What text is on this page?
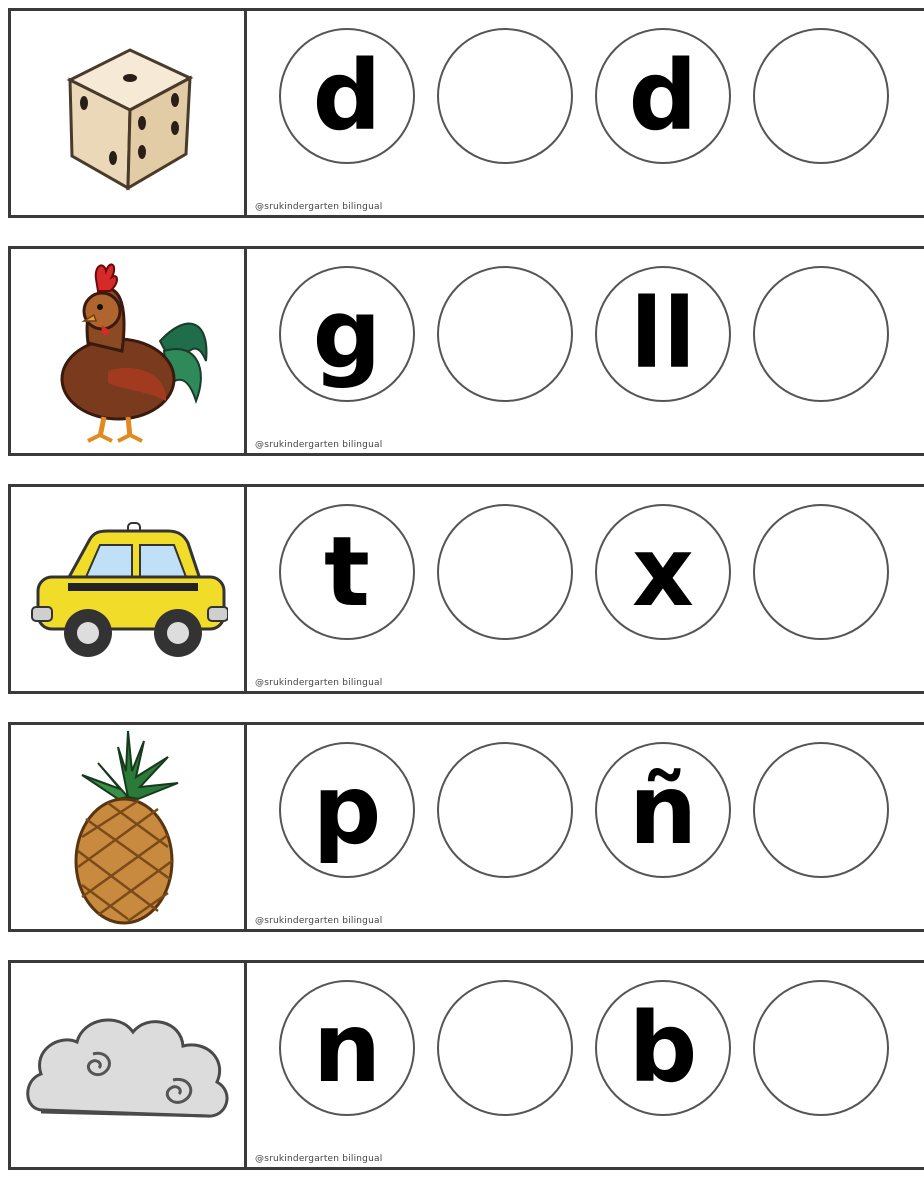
d	d
@srukindergarten bilingual
g	ll
@srukindergarten bilingual
t	x
@srukindergarten bilingual
p	ñ
@srukindergarten bilingual
n	b
@srukindergarten bilingual
